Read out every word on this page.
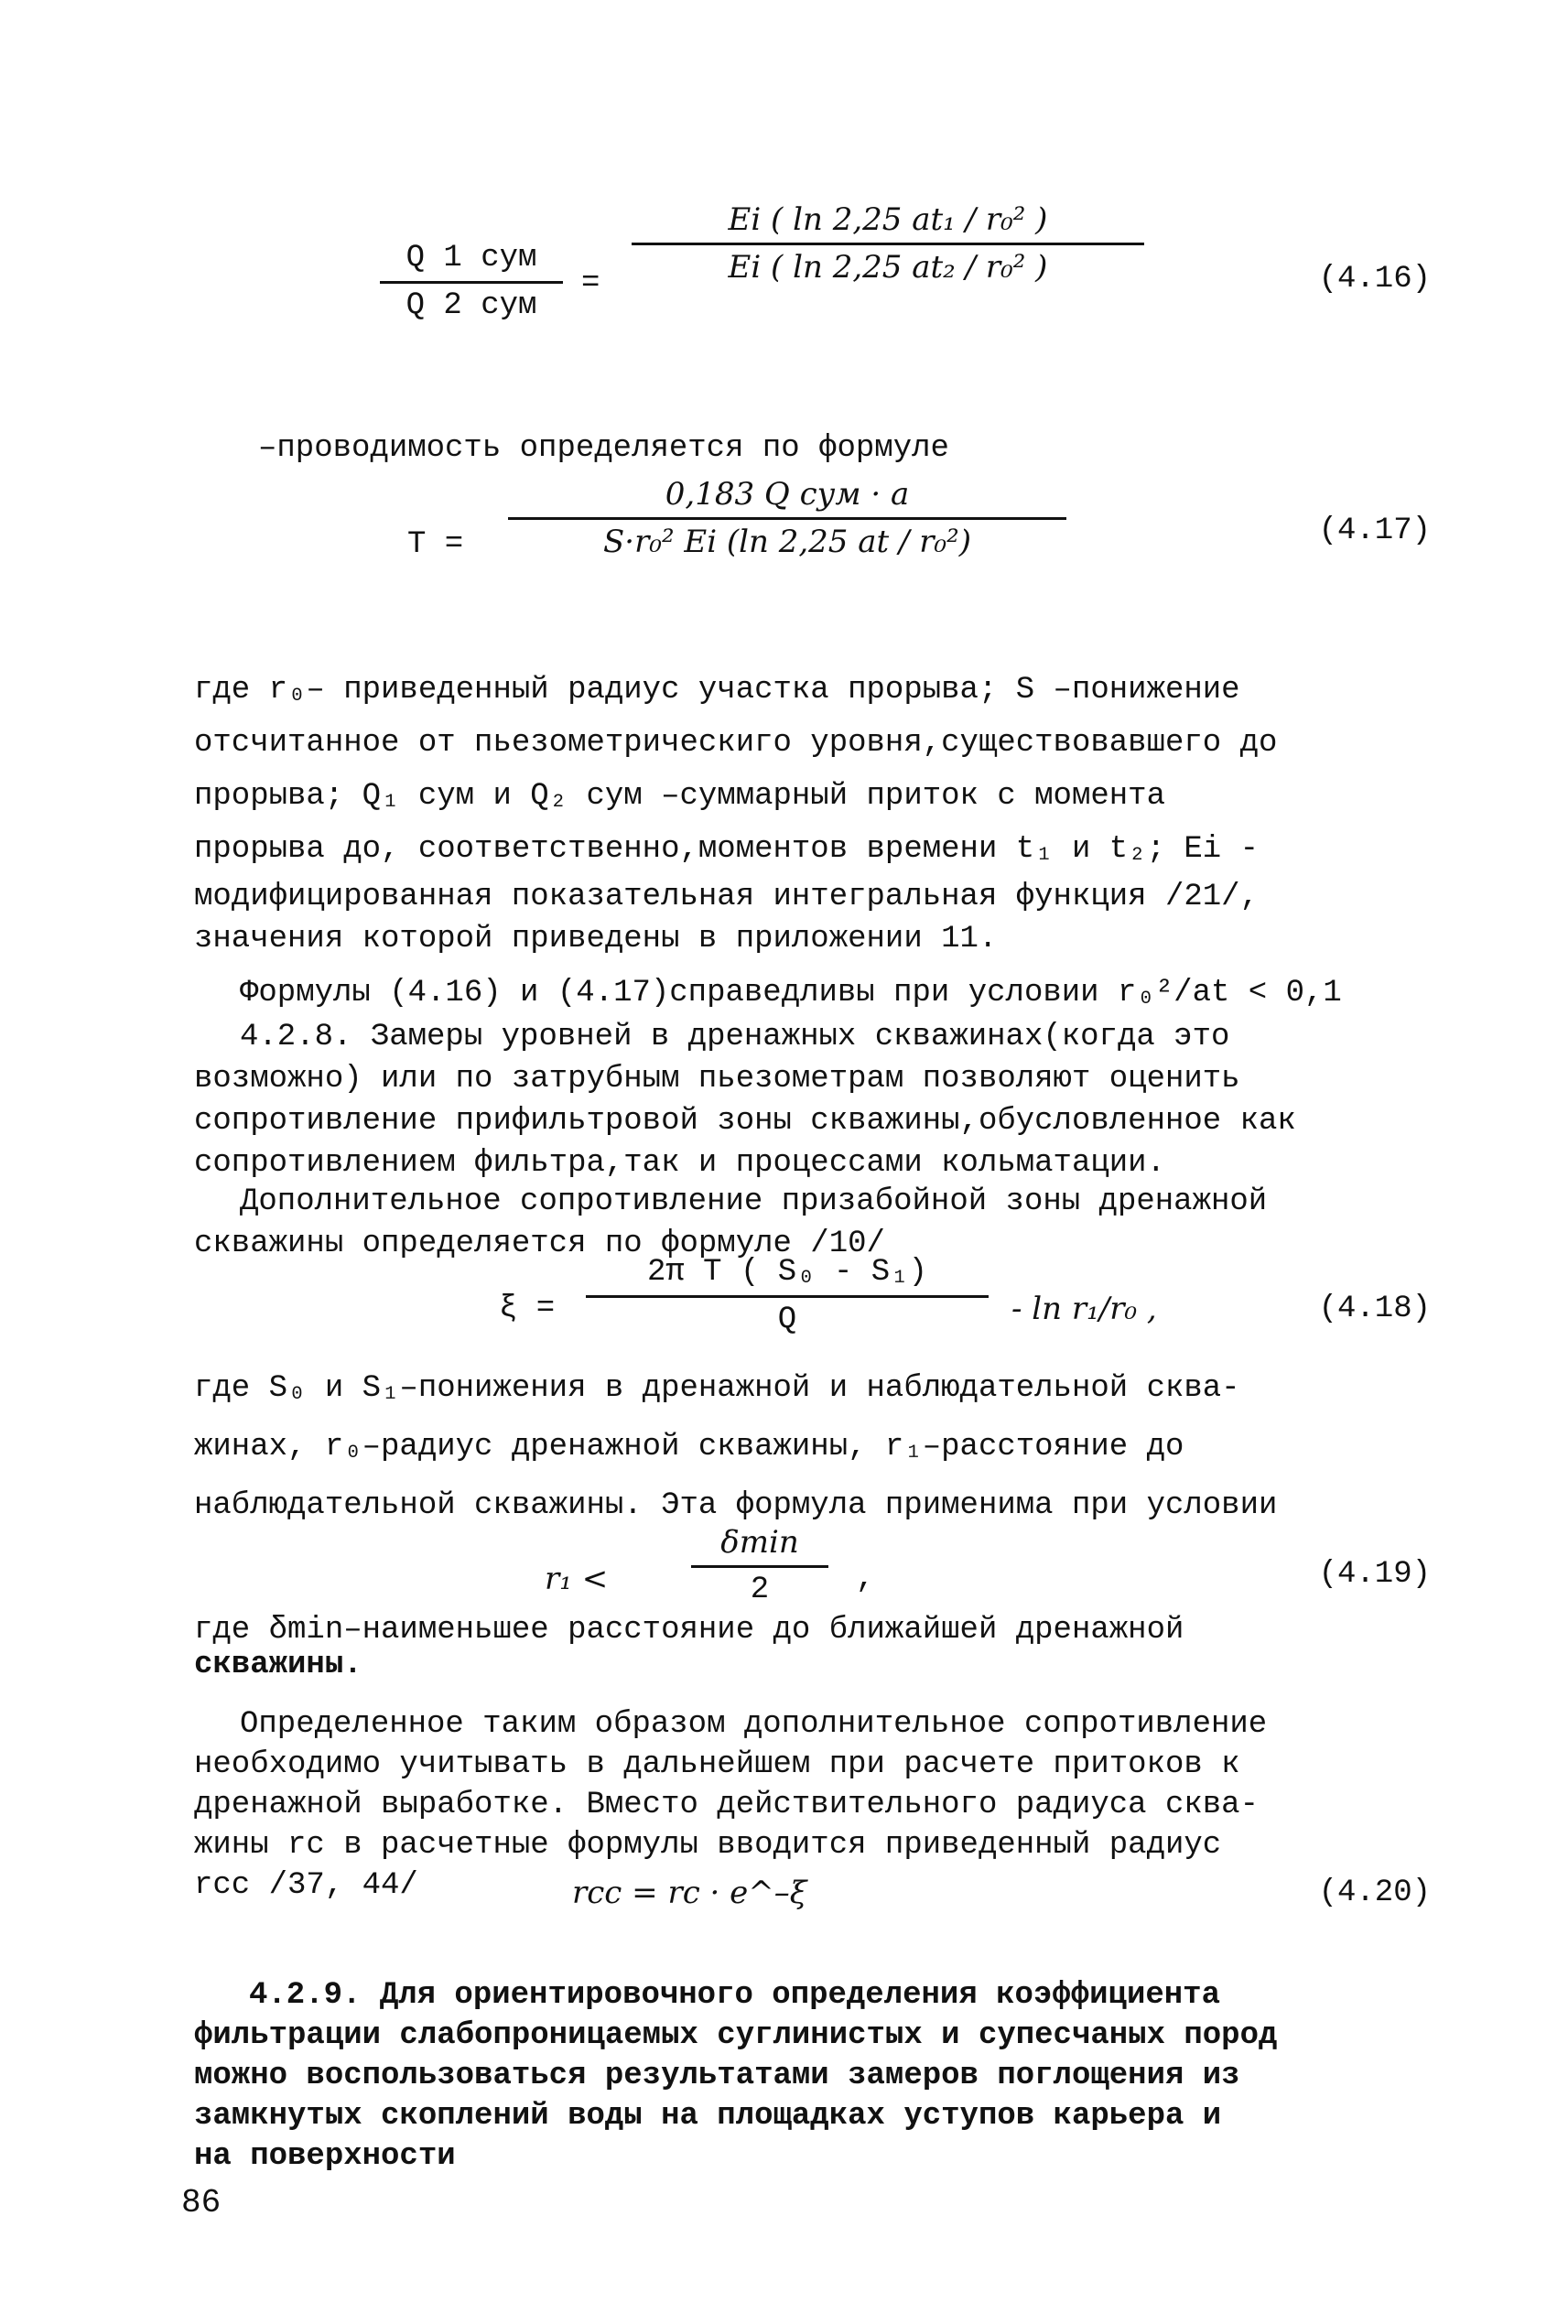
Q 1 сум
Q 2 сум
=
Ei ( ln 2,25 at₁ / r₀² )
Ei ( ln 2,25 at₂ / r₀² )	(4.16)
–проводимость определяется по формуле
T =
0,183 Q сум · a
S·r₀² Ei (ln 2,25 at / r₀²)	(4.17)
где r₀– приведенный радиус участка прорыва; S –понижение
отсчитанное от пьезометрическиго уровня,существовавшего до
прорыва; Q₁ сум и Q₂ сум –суммарный приток с момента
прорыва до, соответственно,моментов времени t₁ и t₂; Ei -
модифицированная показательная интегральная функция /21/,
значения которой приведены в приложении 11.
Формулы (4.16) и (4.17)справедливы при условии r₀²/at < 0,1
4.2.8. Замеры уровней в дренажных скважинах(когда это
возможно) или по затрубным пьезометрам позволяют оценить
сопротивление прифильтровой зоны скважины,обусловленное как
сопротивлением фильтра,так и процессами кольматации.
Дополнительное сопротивление призабойной зоны дренажной
скважины определяется по формуле /10/
ξ =
2π T ( S₀ - S₁)
Q	- ln r₁/r₀ ,	(4.18)
где S₀ и S₁–понижения в дренажной и наблюдательной сква-
жинах, r₀–радиус дренажной скважины, r₁–расстояние до
наблюдательной скважины. Эта формула применима при условии
r₁ <
δmin
2	,	(4.19)
где δmin–наименьшее расстояние до ближайшей дренажной
скважины.
Определенное таким образом дополнительное сопротивление
необходимо учитывать в дальнейшем при расчете притоков к
дренажной выработке. Вместо действительного радиуса сква-
жины rc в расчетные формулы вводится приведенный радиус
rcc /37, 44/	rcc = rc · e^–ξ	(4.20)
4.2.9. Для ориентировочного определения коэффициента
фильтрации слабопроницаемых суглинистых и супесчаных пород
можно воспользоваться результатами замеров поглощения из
замкнутых скоплений воды на площадках уступов карьера и
на поверхности
86
